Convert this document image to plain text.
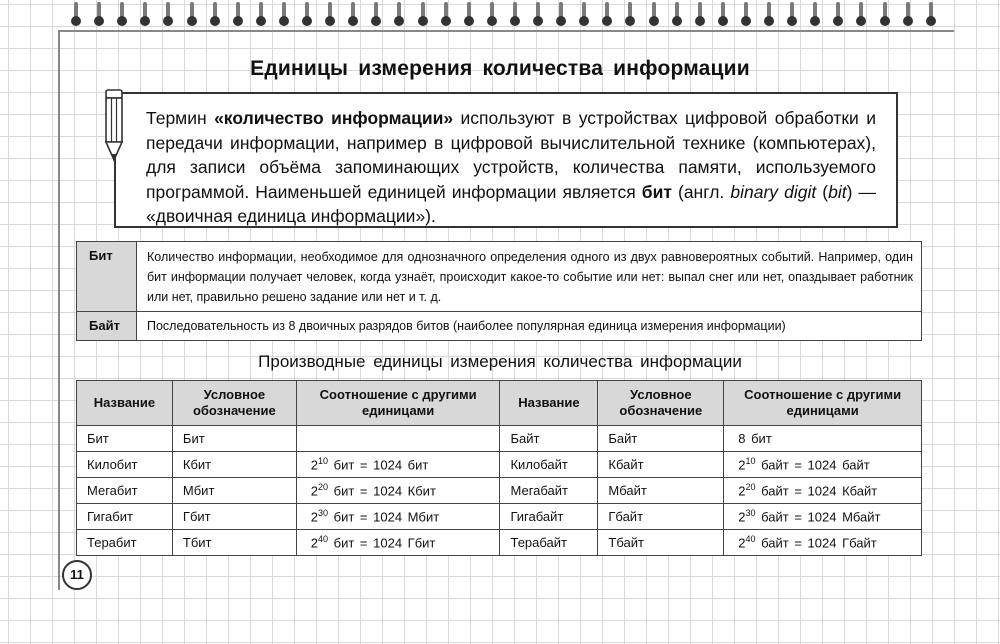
Единицы измерения количества информации

Термин «количество информации» используют в устройствах цифровой обработки и передачи информации, например в цифровой вычислительной технике (компьютерах), для записи объёма запоминающих устройств, количества памяти, используемого программой. Наименьшей единицей информации является бит (англ. binary digit (bit) — «двоичная единица информации»).

Бит	Количество информации, необходимое для однозначного определения одного из двух равновероятных событий. Например, один бит информации получает человек, когда узнаёт, происходит какое-то событие или нет: выпал снег или нет, опаздывает работник или нет, правильно решено задание или нет и т. д.
Байт	Последовательность из 8 двоичных разрядов битов (наиболее популярная единица измерения информации)
Производные единицы измерения количества информации
Название	Условное обозначение	Соотношение с другими единицами	Название	Условное обозначение	Соотношение с другими единицами
Бит	Бит		Байт	Байт	8 бит
Килобит	Кбит	$2^{10}$ бит = 1024 бит	Килобайт	Кбайт	$2^{10}$ байт = 1024 байт
Мегабит	Мбит	$2^{20}$ бит = 1024 Кбит	Мегабайт	Мбайт	$2^{20}$ байт = 1024 Кбайт
Гигабит	Гбит	$2^{30}$ бит = 1024 Мбит	Гигабайт	Гбайт	$2^{30}$ байт = 1024 Мбайт
Терабит	Тбит	$2^{40}$ бит = 1024 Гбит	Терабайт	Тбайт	$2^{40}$ байт = 1024 Гбайт
11
